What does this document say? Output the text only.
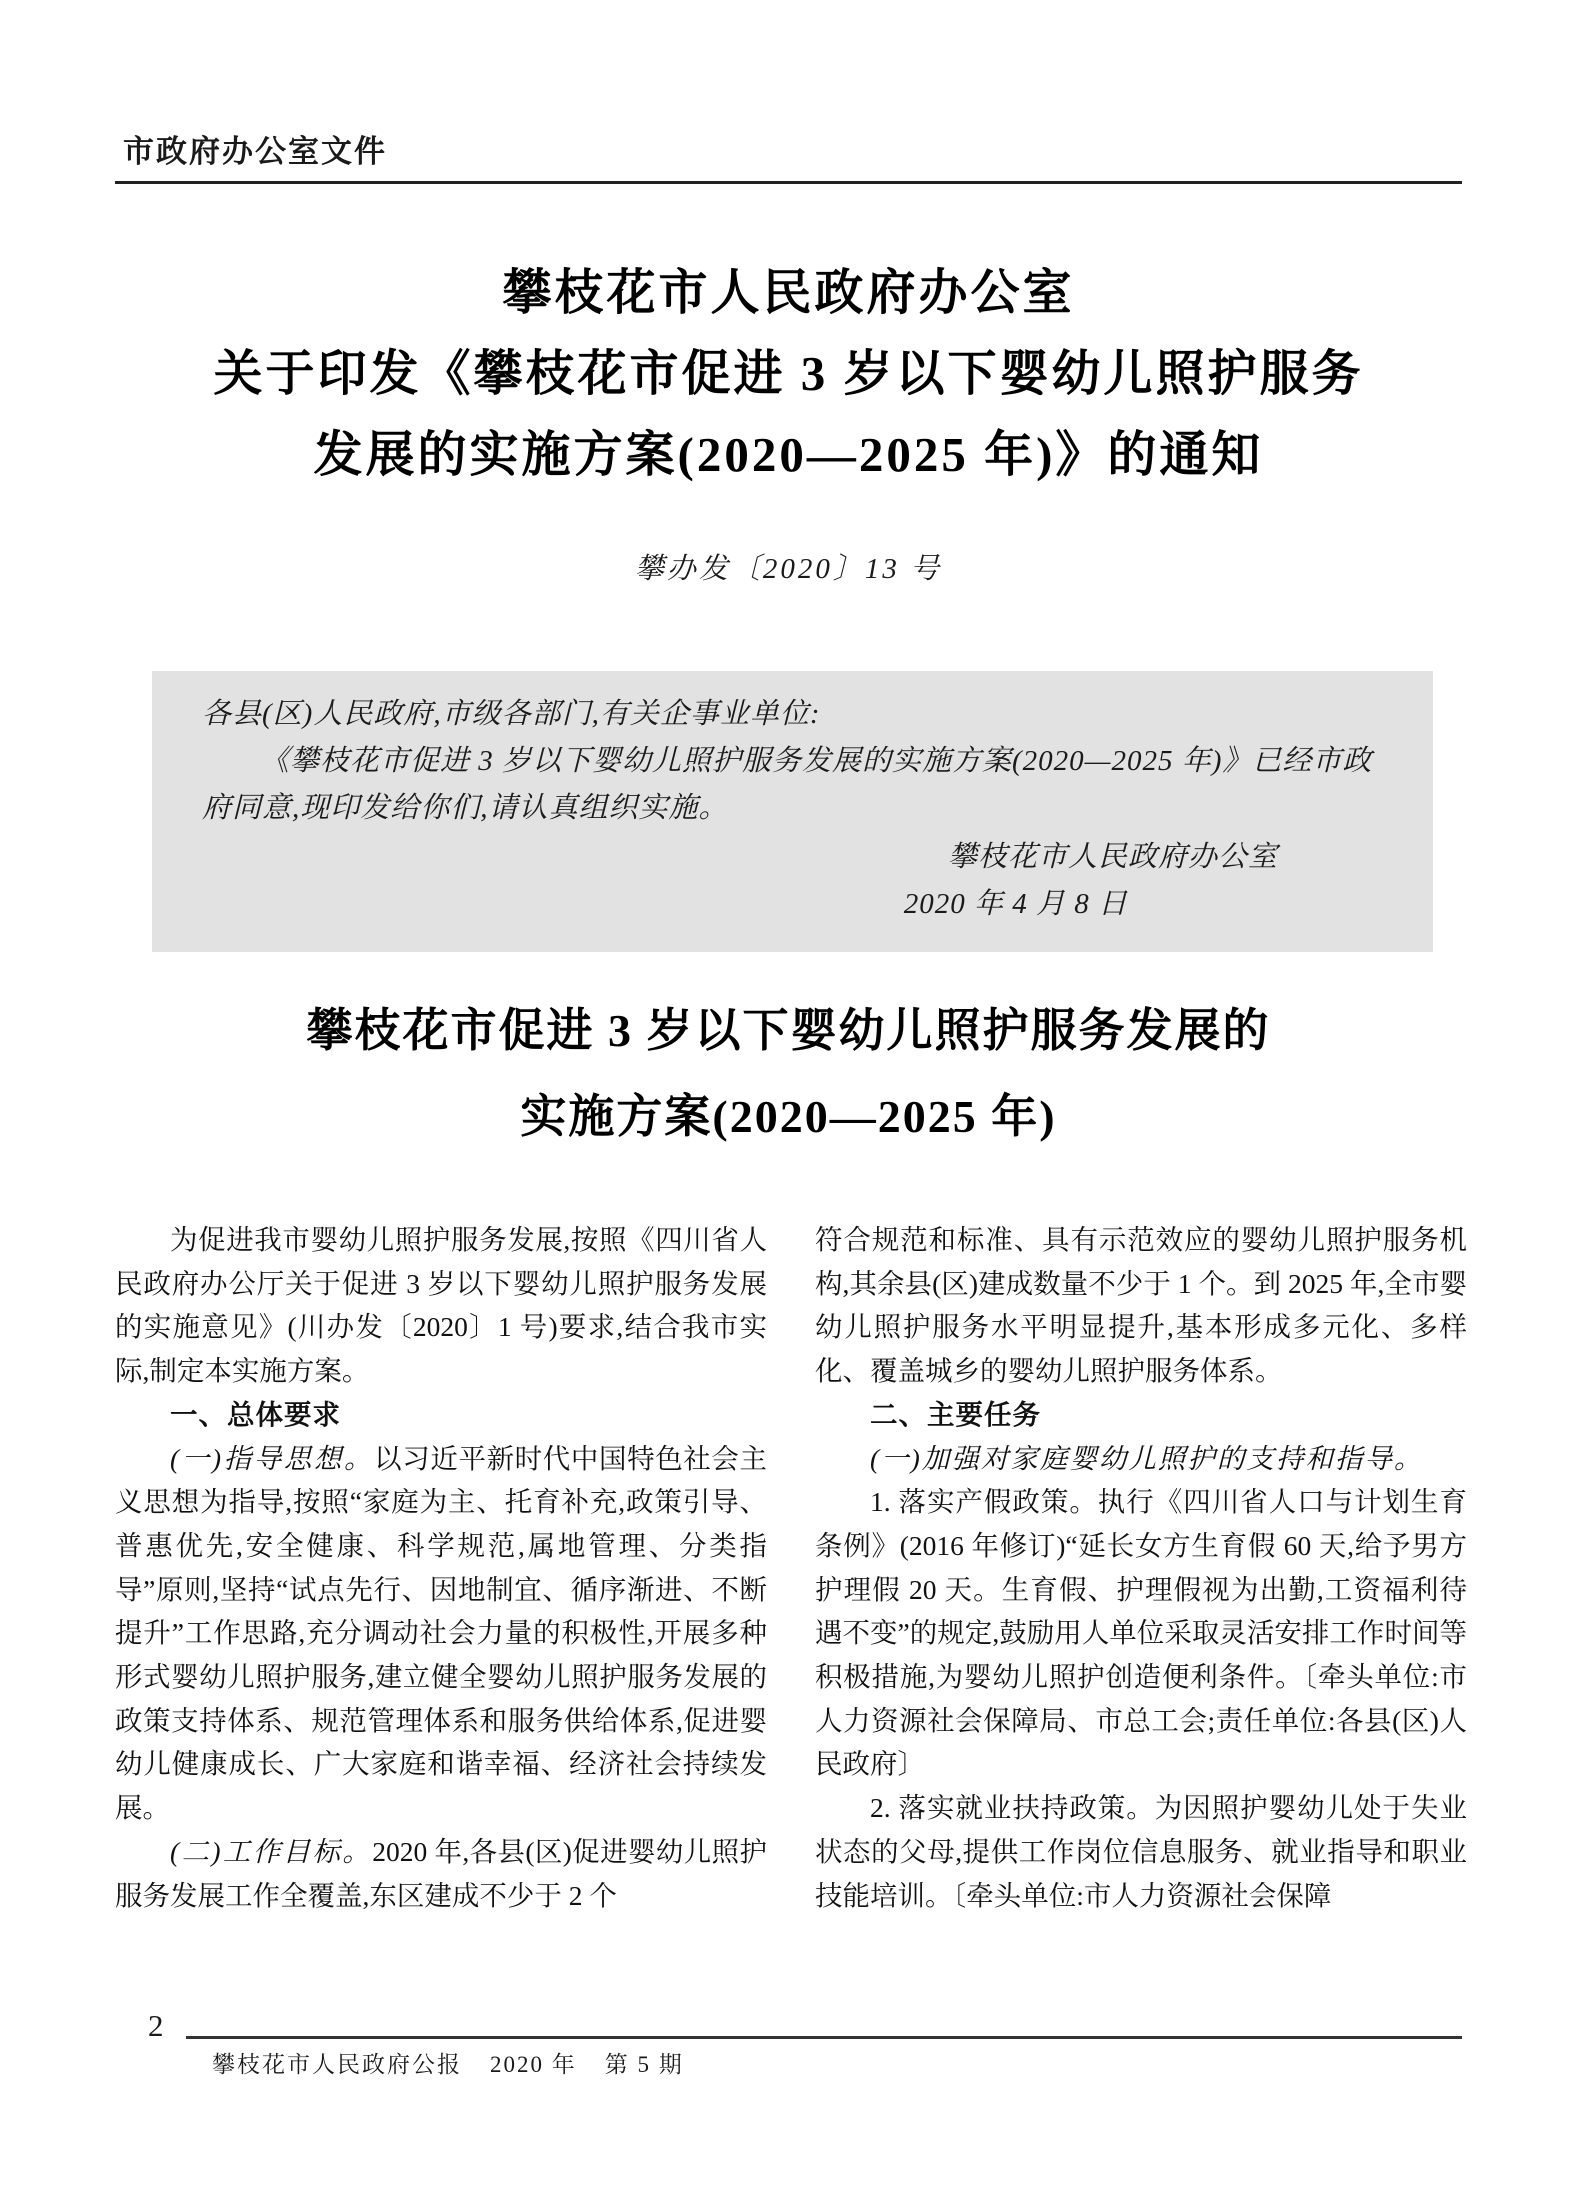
市政府办公室文件
攀枝花市人民政府办公室
关于印发《攀枝花市促进 3 岁以下婴幼儿照护服务
发展的实施方案(2020—2025 年)》的通知
攀办发〔2020〕13 号

各县(区)人民政府,市级各部门,有关企事业单位:

《攀枝花市促进 3 岁以下婴幼儿照护服务发展的实施方案(2020—2025 年)》已经市政府同意,现印发给你们,请认真组织实施。

攀枝花市人民政府办公室
2020 年 4 月 8 日
攀枝花市促进 3 岁以下婴幼儿照护服务发展的
实施方案(2020—2025 年)

为促进我市婴幼儿照护服务发展,按照《四川省人民政府办公厅关于促进 3 岁以下婴幼儿照护服务发展的实施意见》(川办发〔2020〕1 号)要求,结合我市实际,制定本实施方案。

一、总体要求

(一)指导思想。以习近平新时代中国特色社会主义思想为指导,按照“家庭为主、托育补充,政策引导、普惠优先,安全健康、科学规范,属地管理、分类指导”原则,坚持“试点先行、因地制宜、循序渐进、不断提升”工作思路,充分调动社会力量的积极性,开展多种形式婴幼儿照护服务,建立健全婴幼儿照护服务发展的政策支持体系、规范管理体系和服务供给体系,促进婴幼儿健康成长、广大家庭和谐幸福、经济社会持续发展。

(二)工作目标。2020 年,各县(区)促进婴幼儿照护服务发展工作全覆盖,东区建成不少于 2 个

符合规范和标准、具有示范效应的婴幼儿照护服务机构,其余县(区)建成数量不少于 1 个。到 2025 年,全市婴幼儿照护服务水平明显提升,基本形成多元化、多样化、覆盖城乡的婴幼儿照护服务体系。

二、主要任务

(一)加强对家庭婴幼儿照护的支持和指导。

1. 落实产假政策。执行《四川省人口与计划生育条例》(2016 年修订)“延长女方生育假 60 天,给予男方护理假 20 天。生育假、护理假视为出勤,工资福利待遇不变”的规定,鼓励用人单位采取灵活安排工作时间等积极措施,为婴幼儿照护创造便利条件。〔牵头单位:市人力资源社会保障局、市总工会;责任单位:各县(区)人民政府〕

2. 落实就业扶持政策。为因照护婴幼儿处于失业状态的父母,提供工作岗位信息服务、就业指导和职业技能培训。〔牵头单位:市人力资源社会保障

2
攀枝花市人民政府公报 2020 年 第 5 期
